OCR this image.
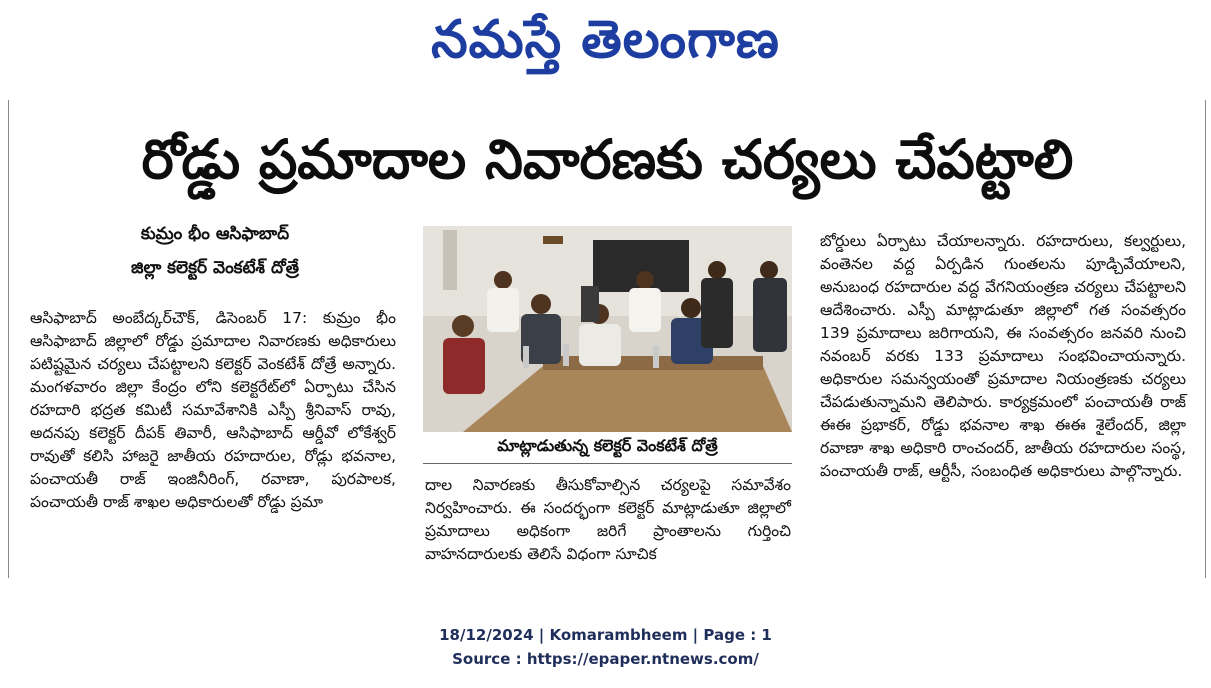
నమస్తే తెలంగాణ
రోడ్డు ప్రమాదాల నివారణకు చర్యలు చేపట్టాలి
కుమ్రం భీం ఆసిఫాబాద్
జిల్లా కలెక్టర్ వెంకటేశ్ దోత్రే

ఆసిఫాబాద్ అంబేద్కర్‌చౌక్, డిసెంబర్ 17: కుమ్రం భీం ఆసిఫాబాద్ జిల్లాలో రోడ్డు ప్రమాదాల నివారణకు అధికారులు పటిష్టమైన చర్యలు చేపట్టాలని కలెక్టర్ వెంకటేశ్ దోత్రే అన్నారు. మంగళవారం జిల్లా కేంద్రం లోని కలెక్టరేట్‌లో ఏర్పాటు చేసిన రహదారి భద్రత కమిటీ సమావేశానికి ఎస్పీ శ్రీనివాస్ రావు, అదనపు కలెక్టర్ దీపక్ తివారీ, ఆసిఫాబాద్ ఆర్డీవో లోకేశ్వర్ రావుతో కలిసి హాజరై జాతీయ రహదారుల, రోడ్లు భవనాల, పంచాయతీ రాజ్ ఇంజినీరింగ్, రవాణా, పురపాలక, పంచాయతీ రాజ్ శాఖల అధికారులతో రోడ్డు ప్రమా

మాట్లాడుతున్న కలెక్టర్ వెంకటేశ్ దోత్రే

దాల నివారణకు తీసుకోవాల్సిన చర్యలపై సమావేశం నిర్వహించారు. ఈ సందర్భంగా కలెక్టర్ మాట్లాడుతూ జిల్లాలో ప్రమాదాలు అధికంగా జరిగే ప్రాంతాలను గుర్తించి వాహనదారులకు తెలిసే విధంగా సూచిక

బోర్డులు ఏర్పాటు చేయాలన్నారు. రహదారులు, కల్వర్టులు, వంతెనల వద్ద ఏర్పడిన గుంతలను పూడ్చివేయాలని, అనుబంధ రహదారుల వద్ద వేగనియంత్రణ చర్యలు చేపట్టాలని ఆదేశించారు. ఎస్పీ మాట్లాడుతూ జిల్లాలో గత సంవత్సరం 139 ప్రమాదాలు జరిగాయని, ఈ సంవత్సరం జనవరి నుంచి నవంబర్ వరకు 133 ప్రమాదాలు సంభవించాయన్నారు. అధికారుల సమన్వయంతో ప్రమాదాల నియంత్రణకు చర్యలు చేపడుతున్నామని తెలిపారు. కార్యక్రమంలో పంచాయతీ రాజ్ ఈఈ ప్రభాకర్, రోడ్డు భవనాల శాఖ ఈఈ శైలేందర్, జిల్లా రవాణా శాఖ అధికారి రాంచందర్, జాతీయ రహదారుల సంస్థ, పంచాయతీ రాజ్, ఆర్టీసీ, సంబంధిత అధికారులు పాల్గొన్నారు.

18/12/2024 | Komarambheem | Page : 1
Source : https://epaper.ntnews.com/
